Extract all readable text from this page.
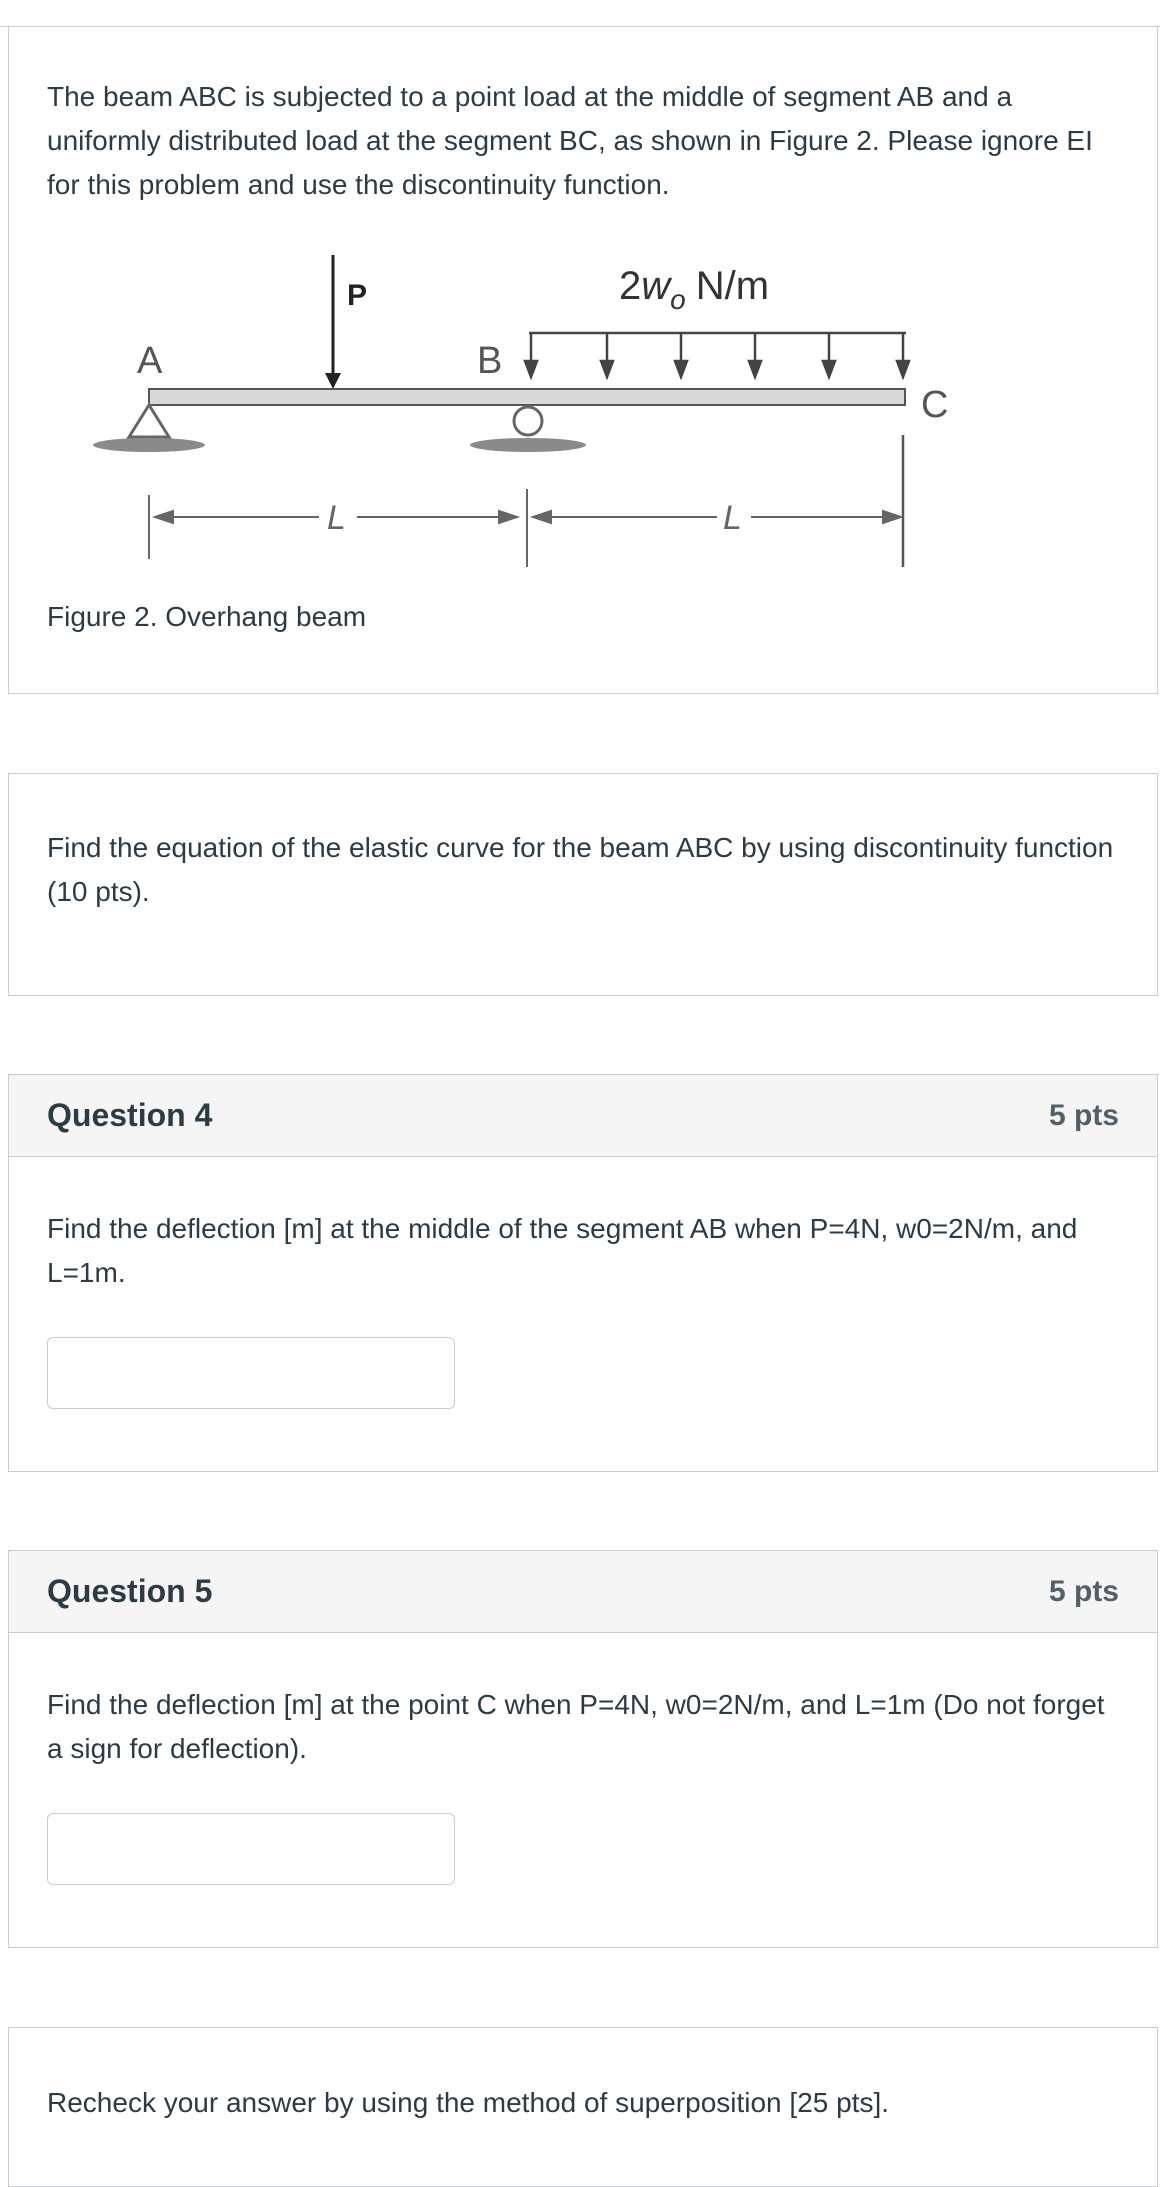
The beam ABC is subjected to a point load at the middle of segment AB and a uniformly distributed load at the segment BC, as shown in Figure 2. Please ignore EI for this problem and use the discontinuity function.

P	$2w_o$ N/m
A	B
C
L	L
Figure 2. Overhang beam

Find the equation of the elastic curve for the beam ABC by using discontinuity function (10 pts).

Question 4	5 pts

Find the deflection [m] at the middle of the segment AB when P=4N, w0=2N/m, and L=1m.

Question 5	5 pts

Find the deflection [m] at the point C when P=4N, w0=2N/m, and L=1m (Do not forget a sign for deflection).

Recheck your answer by using the method of superposition [25 pts].
